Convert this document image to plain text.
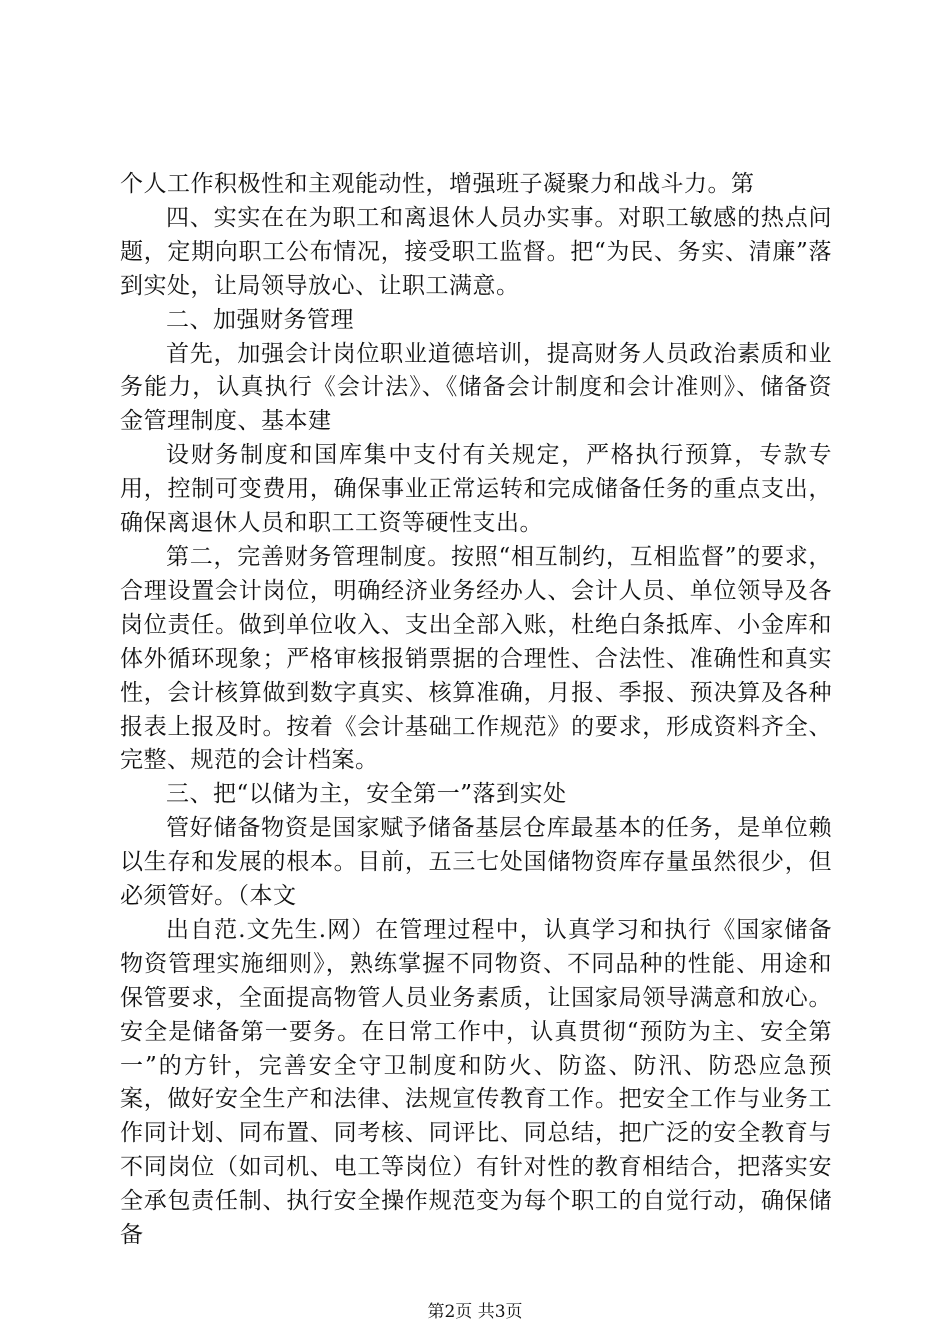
个人工作积极性和主观能动性，增强班子凝聚力和战斗力。第

四、实实在在为职工和离退休人员办实事。对职工敏感的热点问题，定期向职工公布情况，接受职工监督。把“为民、务实、清廉”落到实处，让局领导放心、让职工满意。

二、加强财务管理

首先，加强会计岗位职业道德培训，提高财务人员政治素质和业务能力，认真执行《会计法》、《储备会计制度和会计准则》、储备资金管理制度、基本建

设财务制度和国库集中支付有关规定，严格执行预算，专款专用，控制可变费用，确保事业正常运转和完成储备任务的重点支出，确保离退休人员和职工工资等硬性支出。

第二，完善财务管理制度。按照“相互制约，互相监督”的要求，合理设置会计岗位，明确经济业务经办人、会计人员、单位领导及各岗位责任。做到单位收入、支出全部入账，杜绝白条抵库、小金库和体外循环现象；严格审核报销票据的合理性、合法性、准确性和真实性，会计核算做到数字真实、核算准确，月报、季报、预决算及各种报表上报及时。按着《会计基础工作规范》的要求，形成资料齐全、完整、规范的会计档案。

三、把“以储为主，安全第一”落到实处

管好储备物资是国家赋予储备基层仓库最基本的任务，是单位赖以生存和发展的根本。目前，五三七处国储物资库存量虽然很少，但必须管好。（本文

出自范.文先生.网）在管理过程中，认真学习和执行《国家储备物资管理实施细则》，熟练掌握不同物资、不同品种的性能、用途和保管要求，全面提高物管人员业务素质，让国家局领导满意和放心。安全是储备第一要务。在日常工作中，认真贯彻“预防为主、安全第一”的方针，完善安全守卫制度和防火、防盗、防汛、防恐应急预案，做好安全生产和法律、法规宣传教育工作。把安全工作与业务工作同计划、同布置、同考核、同评比、同总结，把广泛的安全教育与不同岗位（如司机、电工等岗位）有针对性的教育相结合，把落实安全承包责任制、执行安全操作规范变为每个职工的自觉行动，确保储备

第2页 共3页
